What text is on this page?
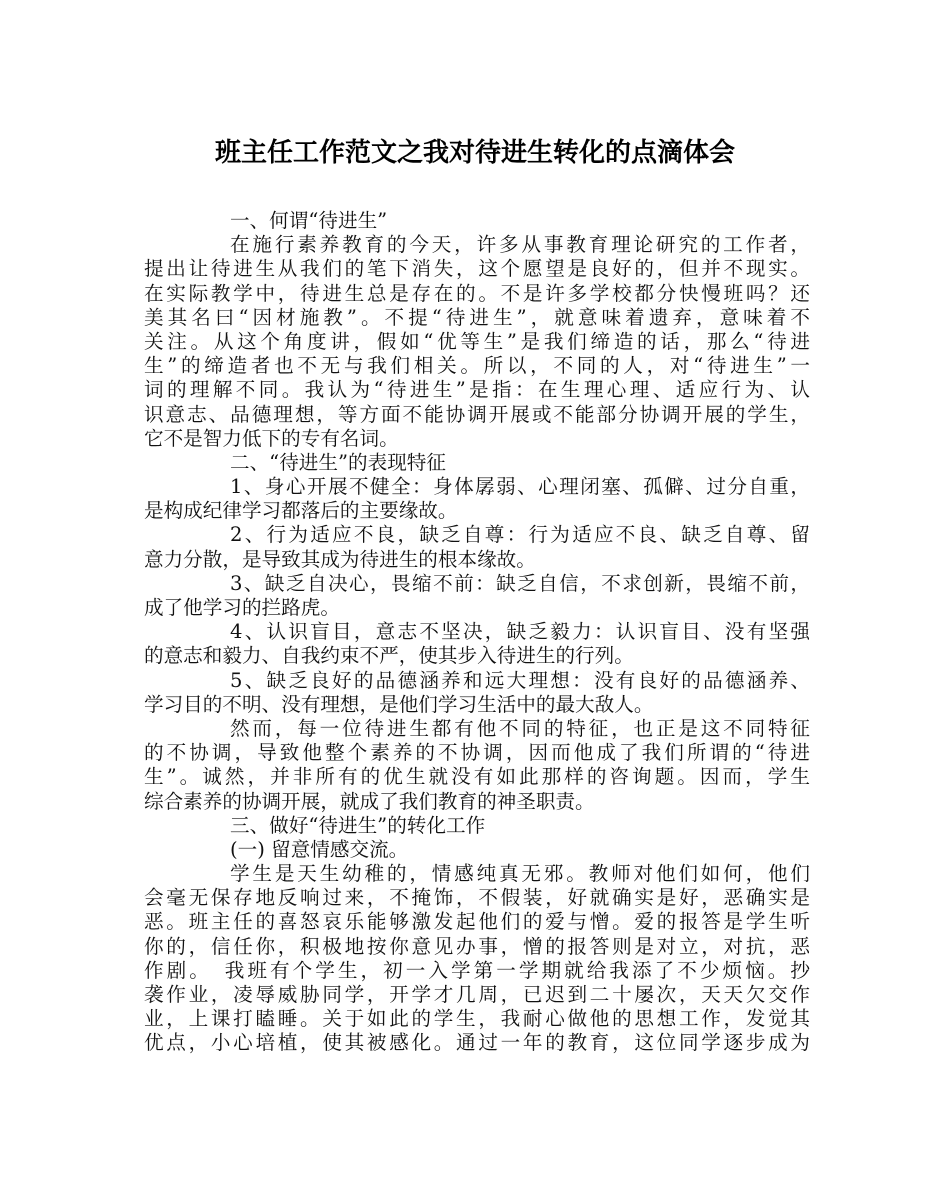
班主任工作范文之我对待进生转化的点滴体会
一、何谓“待进生”
在施行素养教育的今天，许多从事教育理论研究的工作者，
提出让待进生从我们的笔下消失，这个愿望是良好的，但并不现实。
在实际教学中，待进生总是存在的。不是许多学校都分快慢班吗？还
美其名曰“因材施教”。不提“待进生”，就意味着遗弃，意味着不
关注。从这个角度讲，假如“优等生”是我们缔造的话，那么“待进
生”的缔造者也不无与我们相关。所以，不同的人，对“待进生”一
词的理解不同。我认为“待进生”是指：在生理心理、适应行为、认
识意志、品德理想，等方面不能协调开展或不能部分协调开展的学生，
它不是智力低下的专有名词。
二、“待进生”的表现特征
1、身心开展不健全：身体孱弱、心理闭塞、孤僻、过分自重，
是构成纪律学习都落后的主要缘故。
2、行为适应不良，缺乏自尊：行为适应不良、缺乏自尊、留
意力分散，是导致其成为待进生的根本缘故。
3、缺乏自决心，畏缩不前：缺乏自信，不求创新，畏缩不前，
成了他学习的拦路虎。
4、认识盲目，意志不坚决，缺乏毅力：认识盲目、没有坚强
的意志和毅力、自我约束不严，使其步入待进生的行列。
5、缺乏良好的品德涵养和远大理想：没有良好的品德涵养、
学习目的不明、没有理想，是他们学习生活中的最大敌人。
然而，每一位待进生都有他不同的特征，也正是这不同特征
的不协调，导致他整个素养的不协调，因而他成了我们所谓的“待进
生”。诚然，并非所有的优生就没有如此那样的咨询题。因而，学生
综合素养的协调开展，就成了我们教育的神圣职责。
三、做好“待进生”的转化工作
(一) 留意情感交流。
学生是天生幼稚的，情感纯真无邪。教师对他们如何，他们
会毫无保存地反响过来，不掩饰，不假装，好就确实是好，恶确实是
恶。班主任的喜怒哀乐能够激发起他们的爱与憎。爱的报答是学生听
你的，信任你，积极地按你意见办事，憎的报答则是对立，对抗，恶
作剧。　我班有个学生，初一入学第一学期就给我添了不少烦恼。抄
袭作业，凌辱威胁同学，开学才几周，已迟到二十屡次，天天欠交作
业，上课打瞌睡。关于如此的学生，我耐心做他的思想工作，发觉其
优点，小心培植，使其被感化。通过一年的教育，这位同学逐步成为
